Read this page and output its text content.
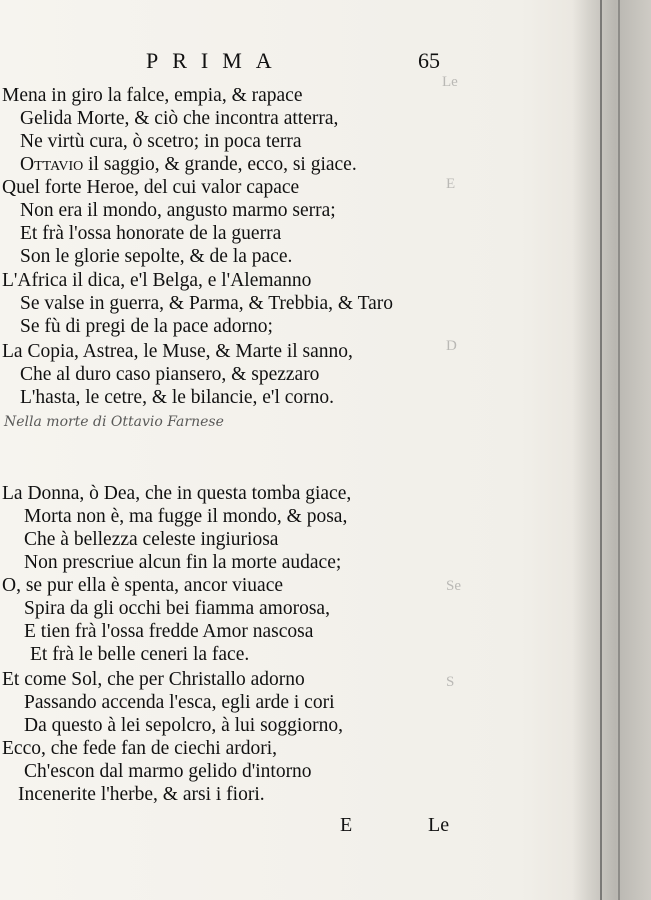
Le
E
D
Se
S
PRIMA	65
Mena in giro la falce, empia, & rapace
Gelida Morte, & ciò che incontra atterra,
Ne virtù cura, ò scetro; in poca terra
Ottavio il saggio, & grande, ecco, si giace.
Quel forte Heroe, del cui valor capace
Non era il mondo, angusto marmo serra;
Et frà l'ossa honorate de la guerra
Son le glorie sepolte, & de la pace.
L'Africa il dica, e'l Belga, e l'Alemanno
Se valse in guerra, & Parma, & Trebbia, & Taro
Se fù di pregi de la pace adorno;
La Copia, Astrea, le Muse, & Marte il sanno,
Che al duro caso piansero, & spezzaro
L'hasta, le cetre, & le bilancie, e'l corno.
Nella morte di Ottavio Farnese
La Donna, ò Dea, che in questa tomba giace,
Morta non è, ma fugge il mondo, & posa,
Che à bellezza celeste ingiuriosa
Non prescriue alcun fin la morte audace;
O, se pur ella è spenta, ancor viuace
Spira da gli occhi bei fiamma amorosa,
E tien frà l'ossa fredde Amor nascosa
Et frà le belle ceneri la face.
Et come Sol, che per Christallo adorno
Passando accenda l'esca, egli arde i cori
Da questo à lei sepolcro, à lui soggiorno,
Ecco, che fede fan de ciechi ardori,
Ch'escon dal marmo gelido d'intorno
Incenerite l'herbe, & arsi i fiori.
E	Le
